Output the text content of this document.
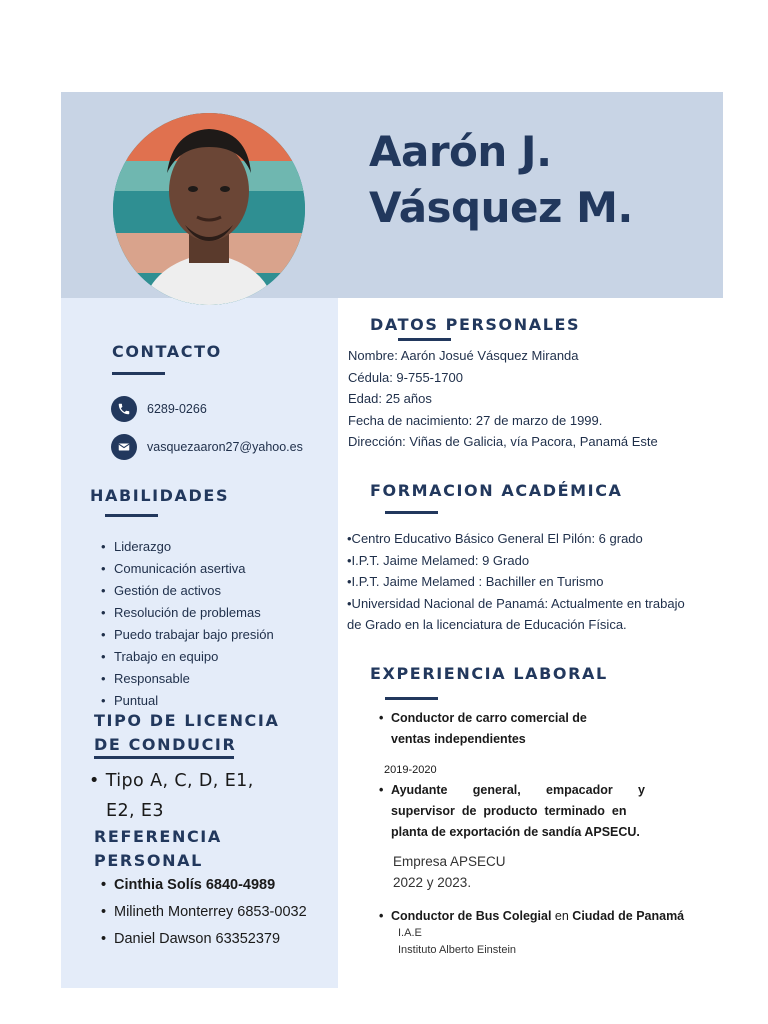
Aarón J.
Vásquez M.
CONTACTO
6289-0266
vasquezaaron27@yahoo.es
HABILIDADES
• Liderazgo
• Comunicación asertiva
• Gestión de activos
• Resolución de problemas
• Puedo trabajar bajo presión
• Trabajo en equipo
• Responsable
• Puntual
TIPO DE LICENCIA
DE CONDUCIR
• Tipo A, C, D, E1,
E2, E3
REFERENCIA
PERSONAL
• Cinthia Solís 6840-4989
• Milineth Monterrey 6853-0032
• Daniel Dawson 63352379
DATOS PERSONALES
Nombre: Aarón Josué Vásquez Miranda
Cédula: 9-755-1700
Edad: 25 años
Fecha de nacimiento: 27 de marzo de 1999.
Dirección: Viñas de Galicia, vía Pacora, Panamá Este
FORMACION ACADÉMICA
•Centro Educativo Básico General El Pilón: 6 grado
•I.P.T. Jaime Melamed: 9 Grado
•I.P.T. Jaime Melamed : Bachiller en Turismo
•Universidad Nacional de Panamá: Actualmente en trabajo
de Grado en la licenciatura de Educación Física.
EXPERIENCIA LABORAL
• Conductor de carro comercial de
ventas independientes
2019-2020
• Ayudante general, empacador y
supervisor  de  producto  terminado  en
planta de exportación de sandía APSECU.
Empresa APSECU
2022 y 2023.
• Conductor de Bus Colegial en Ciudad de Panamá
I.A.E
Instituto Alberto Einstein
